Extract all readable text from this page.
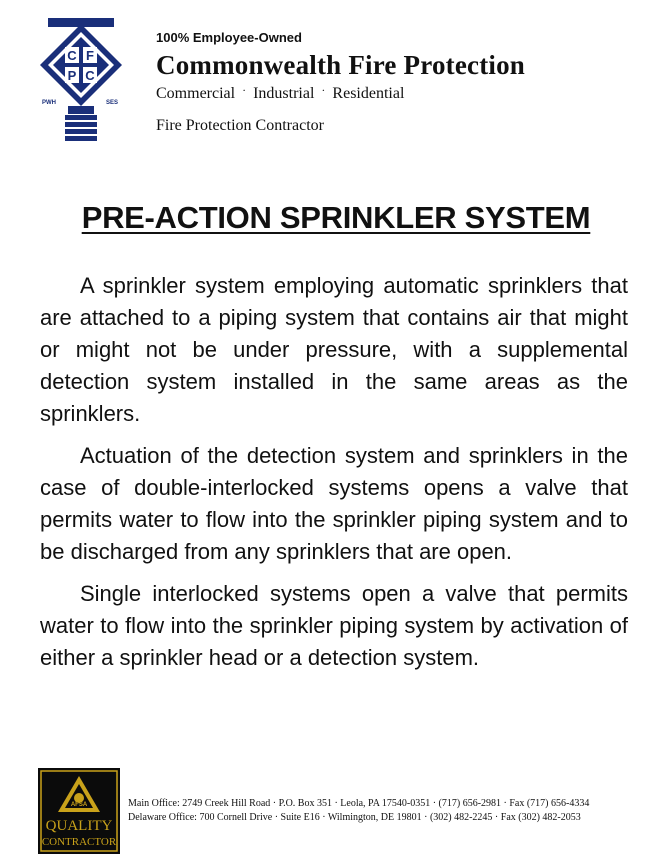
C F
P C
PWH	SES
100% Employee-Owned
Commonwealth Fire Protection
Commercial · Industrial · Residential
Fire Protection Contractor
PRE-ACTION SPRINKLER SYSTEM

A sprinkler system employing automatic sprinklers that are attached to a piping system that contains air that might or might not be under pressure, with a supplemental detection system installed in the same areas as the sprinklers.

Actuation of the detection system and sprinklers in the case of double-interlocked systems opens a valve that permits water to flow into the sprinkler piping system and to be discharged from any sprinklers that are open.

Single interlocked systems open a valve that permits water to flow into the sprinkler piping system by activation of either a sprinkler head or a detection system.

AFSA
QUALITY
CONTRACTOR
Main Office: 2749 Creek Hill Road · P.O. Box 351 · Leola, PA 17540-0351 · (717) 656-2981 · Fax (717) 656-4334
Delaware Office: 700 Cornell Drive · Suite E16 · Wilmington, DE 19801 · (302) 482-2245 · Fax (302) 482-2053
